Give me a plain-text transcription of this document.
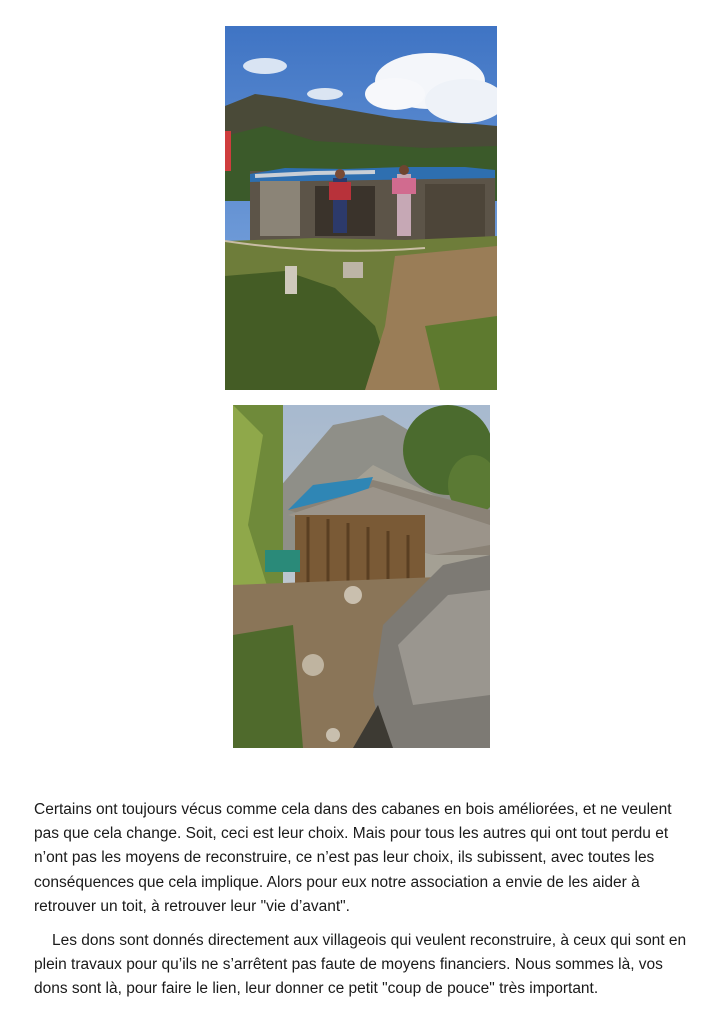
Certains ont toujours vécus comme cela dans des cabanes en bois améliorées, et ne veulent pas que cela change. Soit, ceci est leur choix. Mais pour tous les autres qui ont tout perdu et n’ont pas les moyens de reconstruire, ce n’est pas leur choix, ils subissent, avec toutes les conséquences que cela implique. Alors pour eux notre association a envie de les aider à retrouver un toit, à retrouver leur "vie d’avant".

Les dons sont donnés directement aux villageois qui veulent reconstruire, à ceux qui sont en plein travaux pour qu’ils ne s’arrêtent pas faute de moyens financiers. Nous sommes là, vos dons sont là, pour faire le lien, leur donner ce petit "coup de pouce" très important.
